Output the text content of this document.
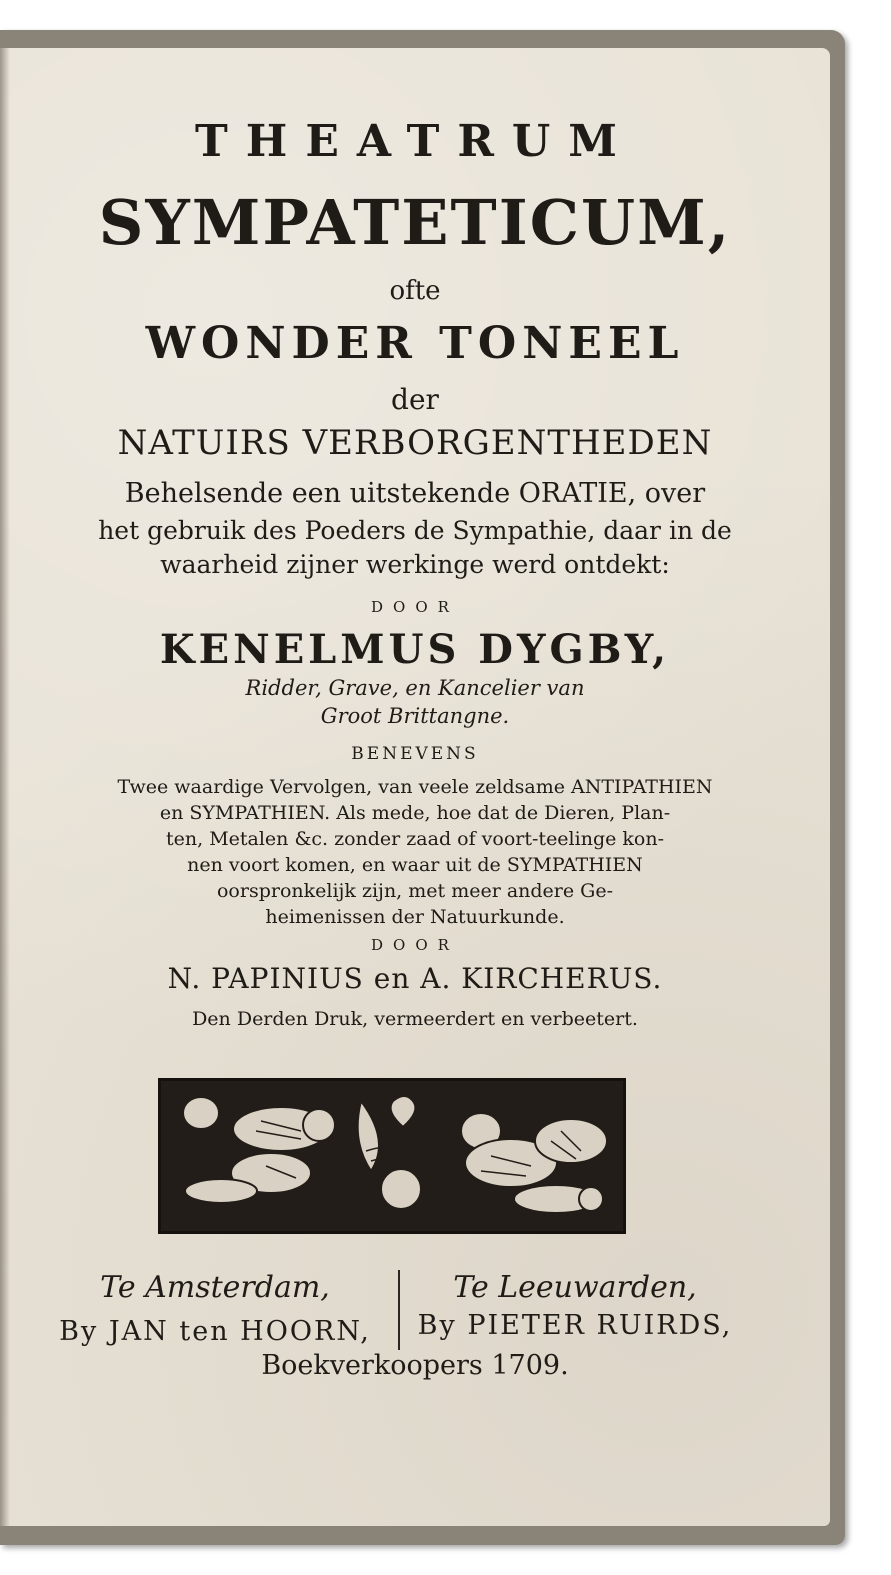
THEATRUM
SYMPATETICUM,
ofte
WONDER TONEEL
der
NATUIRS VERBORGENTHEDEN
Behelsende een uitstekende ORATIE, over
het gebruik des Poeders de Sympathie, daar in de
waarheid zijner werkinge werd ontdekt:
DOOR
KENELMUS DYGBY,
Ridder, Grave, en Kancelier van
Groot Brittangne.
BENEVENS
Twee waardige Vervolgen, van veele zeldsame ANTIPATHIEN
en SYMPATHIEN. Als mede, hoe dat de Dieren, Plan-
ten, Metalen &c. zonder zaad of voort-teelinge kon-
nen voort komen, en waar uit de SYMPATHIEN
oorspronkelijk zijn, met meer andere Ge-
heimenissen der Natuurkunde.
DOOR
N. PAPINIUS en A. KIRCHERUS.
Den Derden Druk, vermeerdert en verbeetert.
Te Amsterdam,
By JAN ten HOORN,
Te Leeuwarden,
By PIETER RUIRDS,
Boekverkoopers 1709.
